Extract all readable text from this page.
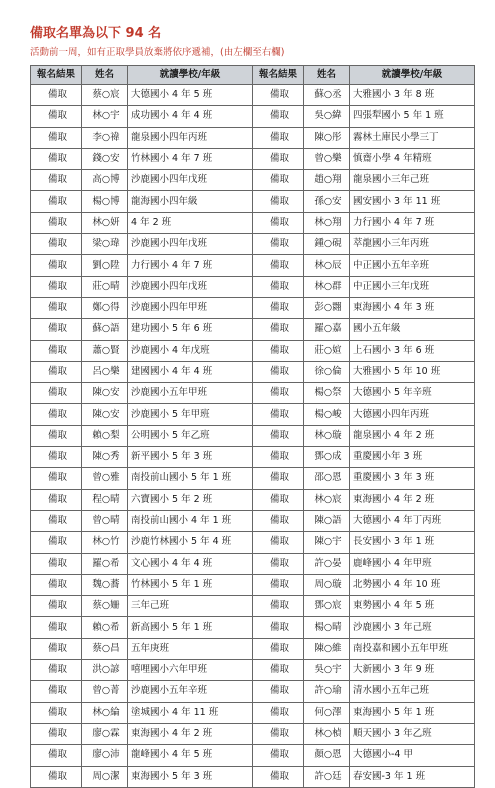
備取名單為以下 94 名
活動前一周，如有正取學員放棄將依序遞補，(由左欄至右欄)
報名結果	姓名	就讀學校/年級	報名結果	姓名	就讀學校/年級
備取	蔡○宸	大德國小 4 年 5 班	備取	蘇○丞	大雅國小 3 年 8 班
備取	林○宇	成功國小 4 年 4 班	備取	吳○緯	四張犁國小 5 年 1 班
備取	李○禕	龍泉國小四年丙班	備取	陳○彤	霧林土庫民小學三丁
備取	錢○安	竹林國小 4 年 7 班	備取	曾○樂	慎齋小學 4 年精班
備取	高○博	沙鹿國小四年戊班	備取	趙○翔	龍泉國小三年己班
備取	楊○博	龍海國小四年級	備取	孫○安	國安國小 3 年 11 班
備取	林○妍	4 年 2 班	備取	林○翔	力行國小 4 年 7 班
備取	梁○瑋	沙鹿國小四年戊班	備取	鍾○硯	萃龍國小三年丙班
備取	劉○陞	力行國小 4 年 7 班	備取	林○辰	中正國小五年辛班
備取	莊○晴	沙鹿國小四年戊班	備取	林○群	中正國小三年戊班
備取	鄭○得	沙鹿國小四年甲班	備取	彭○翾	東海國小 4 年 3 班
備取	蘇○語	建功國小 5 年 6 班	備取	羅○嘉	國小五年級
備取	蕭○賢	沙鹿國小 4 年戊班	備取	莊○媗	上石國小 3 年 6 班
備取	呂○樂	建國國小 4 年 4 班	備取	徐○倫	大雅國小 5 年 10 班
備取	陳○安	沙鹿國小五年甲班	備取	楊○祭	大德國小 5 年辛班
備取	陳○安	沙鹿國小 5 年甲班	備取	楊○峻	大德國小四年丙班
備取	賴○梨	公明國小 5 年乙班	備取	林○璇	龍泉國小 4 年 2 班
備取	陳○秀	新平國小 5 年 3 班	備取	鄧○成	重慶國小年 3 班
備取	曾○雅	南投前山國小 5 年 1 班	備取	邵○恩	重慶國小 3 年 3 班
備取	程○晴	六寶國小 5 年 2 班	備取	林○宸	東海國小 4 年 2 班
備取	曾○晴	南投前山國小 4 年 1 班	備取	陳○語	大德國小 4 年丁丙班
備取	林○竹	沙鹿竹林國小 5 年 4 班	備取	陳○宇	長安國小 3 年 1 班
備取	羅○希	文心國小 4 年 4 班	備取	許○晏	鹿峰國小 4 年甲班
備取	魏○蕎	竹林國小 5 年 1 班	備取	周○璇	北勢國小 4 年 10 班
備取	蔡○姍	三年己班	備取	鄧○宸	東勢國小 4 年 5 班
備取	賴○希	新高國小 5 年 1 班	備取	楊○晴	沙鹿國小 3 年己班
備取	蔡○昌	五年庚班	備取	陳○維	南投嘉和國小五年甲班
備取	洪○諺	嘻哩國小六年甲班	備取	吳○宇	大新國小 3 年 9 班
備取	曾○菁	沙鹿國小五年辛班	備取	許○瑜	清水國小五年己班
備取	林○綸	塗城國小 4 年 11 班	備取	何○澤	東海國小 5 年 1 班
備取	廖○霖	東海國小 4 年 2 班	備取	林○楨	順天國小 3 年乙班
備取	廖○沛	龍峰國小 4 年 5 班	備取	顏○恩	大德國小-4 甲
備取	周○潔	東海國小 5 年 3 班	備取	許○廷	春安國-3 年 1 班
